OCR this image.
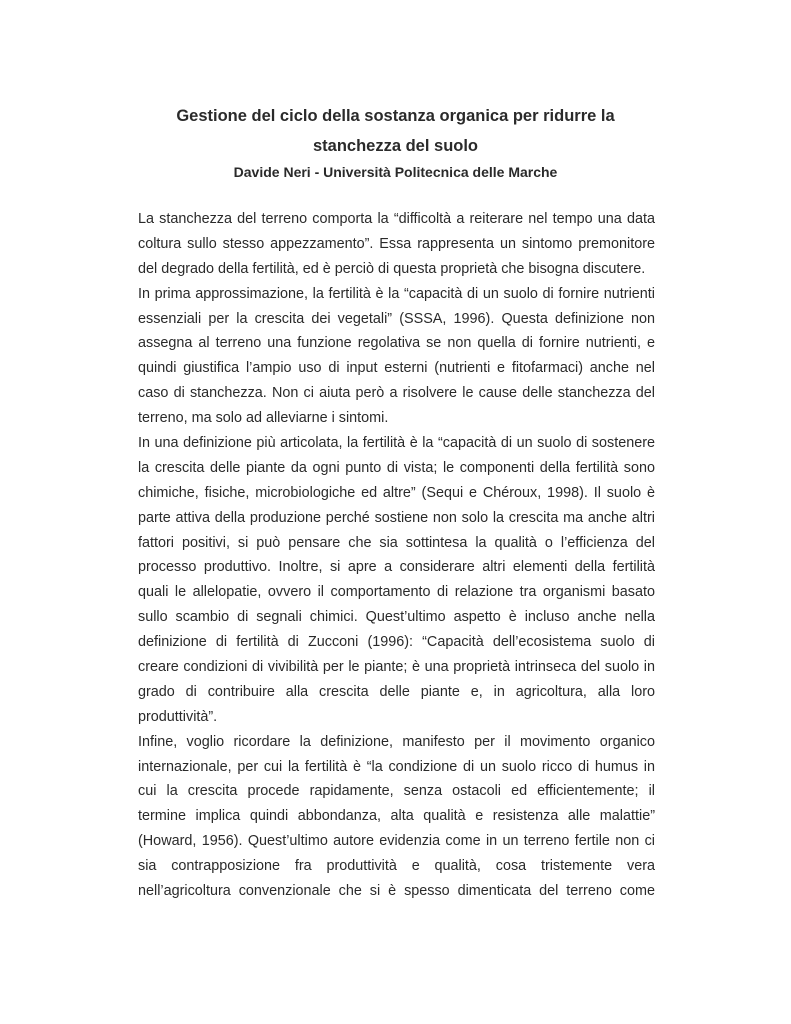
Gestione del ciclo della sostanza organica per ridurre la
stanchezza del suolo

Davide Neri - Università Politecnica delle Marche

La stanchezza del terreno comporta la “difficoltà a reiterare nel tempo una data
coltura sullo stesso appezzamento”. Essa rappresenta un sintomo premonitore
del degrado della fertilità, ed è perciò di questa proprietà che bisogna discutere.
In prima approssimazione, la fertilità è la “capacità di un suolo di fornire nutrienti
essenziali per la crescita dei vegetali” (SSSA, 1996). Questa definizione non
assegna al terreno una funzione regolativa se non quella di fornire nutrienti, e
quindi giustifica l’ampio uso di input esterni (nutrienti e fitofarmaci) anche nel
caso di stanchezza. Non ci aiuta però a risolvere le cause delle stanchezza del
terreno, ma solo ad alleviarne i sintomi.
In una definizione più articolata, la fertilità è la “capacità di un suolo di sostenere
la crescita delle piante da ogni punto di vista; le componenti della fertilità sono
chimiche, fisiche, microbiologiche ed altre” (Sequi e Chéroux, 1998). Il suolo è
parte attiva della produzione perché sostiene non solo la crescita ma anche altri
fattori positivi, si può pensare che sia sottintesa la qualità o l’efficienza del
processo produttivo. Inoltre, si apre a considerare altri elementi della fertilità
quali le allelopatie, ovvero il comportamento di relazione tra organismi basato
sullo scambio di segnali chimici. Quest’ultimo aspetto è incluso anche nella
definizione di fertilità di Zucconi (1996): “Capacità dell’ecosistema suolo di
creare condizioni di vivibilità per le piante; è una proprietà intrinseca del suolo in
grado di contribuire alla crescita delle piante e, in agricoltura, alla loro
produttività”.
Infine, voglio ricordare la definizione, manifesto per il movimento organico
internazionale, per cui la fertilità è “la condizione di un suolo ricco di humus in
cui la crescita procede rapidamente, senza ostacoli ed efficientemente; il
termine implica quindi abbondanza, alta qualità e resistenza alle malattie”
(Howard, 1956). Quest’ultimo autore evidenzia come in un terreno fertile non ci
sia contrapposizione fra produttività e qualità, cosa tristemente vera
nell’agricoltura convenzionale che si è spesso dimenticata del terreno come
